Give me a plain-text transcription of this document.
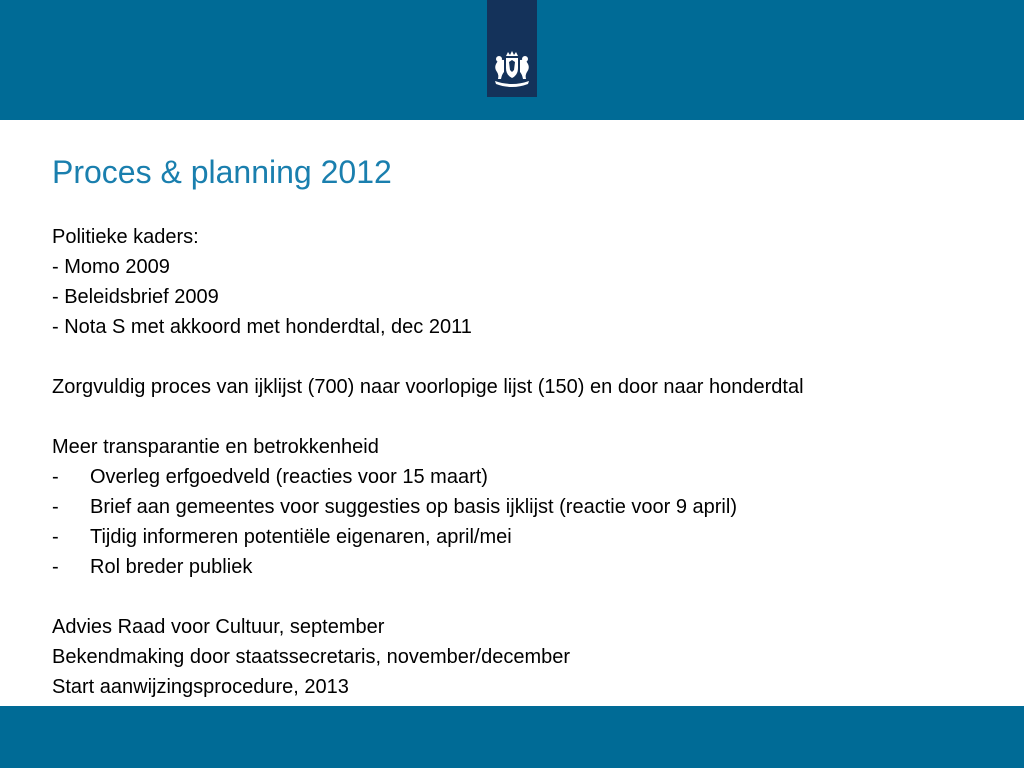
Proces & planning 2012
Politieke kaders:
- Momo 2009
- Beleidsbrief 2009
- Nota S met akkoord met honderdtal, dec 2011
Zorgvuldig proces van ijklijst (700) naar voorlopige lijst (150) en door naar honderdtal
Meer transparantie en betrokkenheid
- Overleg erfgoedveld (reacties voor 15 maart)
- Brief aan gemeentes voor suggesties op basis ijklijst (reactie voor 9 april)
- Tijdig informeren potentiële eigenaren, april/mei
- Rol breder publiek
Advies Raad voor Cultuur, september
Bekendmaking door staatssecretaris, november/december
Start aanwijzingsprocedure, 2013
